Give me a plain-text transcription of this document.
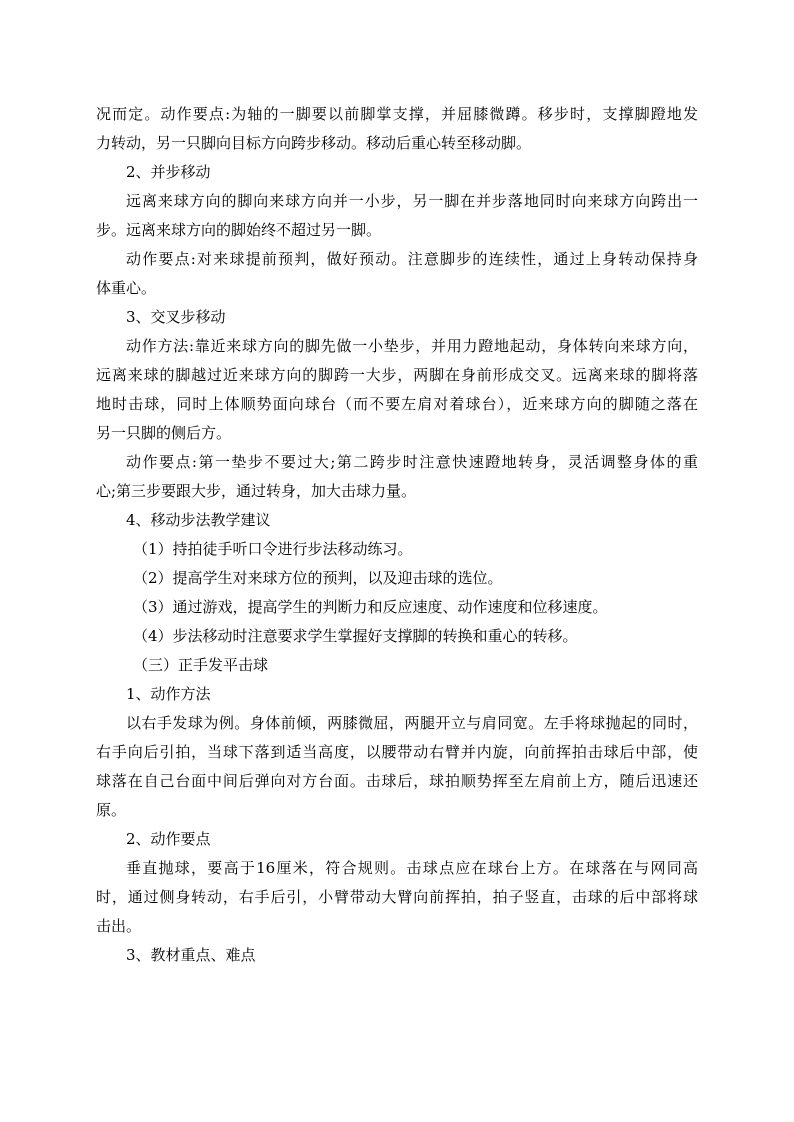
况而定。动作要点:为轴的一脚要以前脚掌支撑，并屈膝微蹲。移步时，支撑脚蹬地发
力转动，另一只脚向目标方向跨步移动。移动后重心转至移动脚。
2、并步移动
远离来球方向的脚向来球方向并一小步，另一脚在并步落地同时向来球方向跨出一
步。远离来球方向的脚始终不超过另一脚。
动作要点:对来球提前预判，做好预动。注意脚步的连续性，通过上身转动保持身
体重心。
3、交叉步移动
动作方法:靠近来球方向的脚先做一小垫步，并用力蹬地起动，身体转向来球方向，
远离来球的脚越过近来球方向的脚跨一大步，两脚在身前形成交叉。远离来球的脚将落
地时击球，同时上体顺势面向球台（而不要左肩对着球台），近来球方向的脚随之落在
另一只脚的侧后方。
动作要点:第一垫步不要过大;第二跨步时注意快速蹬地转身，灵活调整身体的重
心;第三步要跟大步，通过转身，加大击球力量。
4、移动步法教学建议
（1）持拍徒手听口令进行步法移动练习。
（2）提高学生对来球方位的预判，以及迎击球的选位。
（3）通过游戏，提高学生的判断力和反应速度、动作速度和位移速度。
（4）步法移动时注意要求学生掌握好支撑脚的转换和重心的转移。
（三）正手发平击球
1、动作方法
以右手发球为例。身体前倾，两膝微屈，两腿开立与肩同宽。左手将球抛起的同时，
右手向后引拍，当球下落到适当高度，以腰带动右臂并内旋，向前挥拍击球后中部，使
球落在自己台面中间后弹向对方台面。击球后，球拍顺势挥至左肩前上方，随后迅速还
原。
2、动作要点
垂直抛球，要高于16厘米，符合规则。击球点应在球台上方。在球落在与网同高
时，通过侧身转动，右手后引，小臂带动大臂向前挥拍，拍子竖直，击球的后中部将球
击出。
3、教材重点、难点
